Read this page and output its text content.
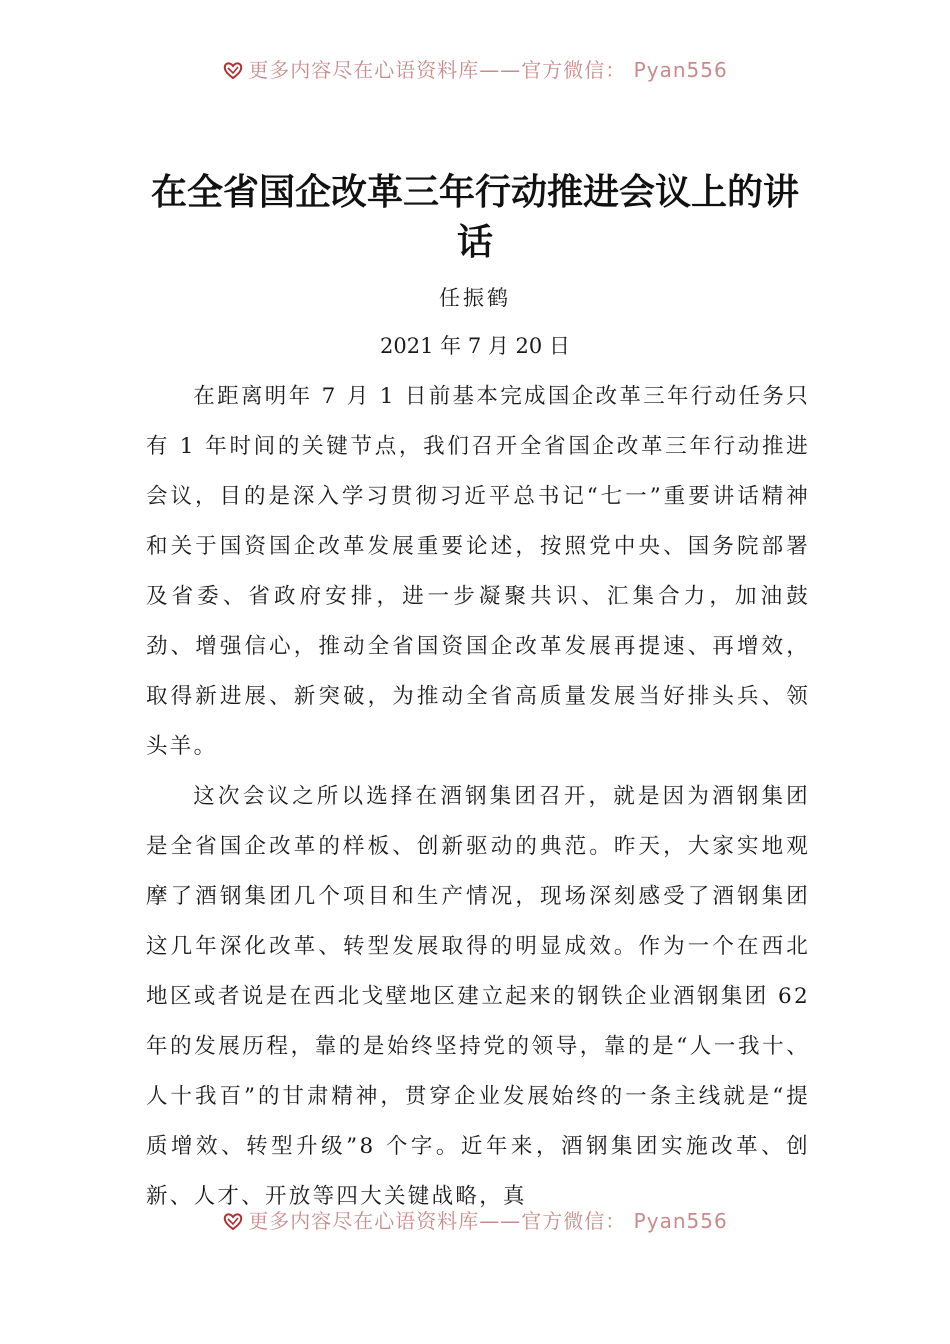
更多内容尽在心语资料库——官方微信： Pyan556
在全省国企改革三年行动推进会议上的讲话
任振鹤
2021 年 7 月 20 日

在距离明年 7 月 1 日前基本完成国企改革三年行动任务只有 1 年时间的关键节点，我们召开全省国企改革三年行动推进会议，目的是深入学习贯彻习近平总书记“七一”重要讲话精神和关于国资国企改革发展重要论述，按照党中央、国务院部署及省委、省政府安排，进一步凝聚共识、汇集合力，加油鼓劲、增强信心，推动全省国资国企改革发展再提速、再增效，取得新进展、新突破，为推动全省高质量发展当好排头兵、领头羊。

这次会议之所以选择在酒钢集团召开，就是因为酒钢集团是全省国企改革的样板、创新驱动的典范。昨天，大家实地观摩了酒钢集团几个项目和生产情况，现场深刻感受了酒钢集团这几年深化改革、转型发展取得的明显成效。作为一个在西北地区或者说是在西北戈壁地区建立起来的钢铁企业酒钢集团 62 年的发展历程，靠的是始终坚持党的领导，靠的是“人一我十、人十我百”的甘肃精神，贯穿企业发展始终的一条主线就是“提质增效、转型升级”8 个字。近年来，酒钢集团实施改革、创新、人才、开放等四大关键战略，真

更多内容尽在心语资料库——官方微信： Pyan556
